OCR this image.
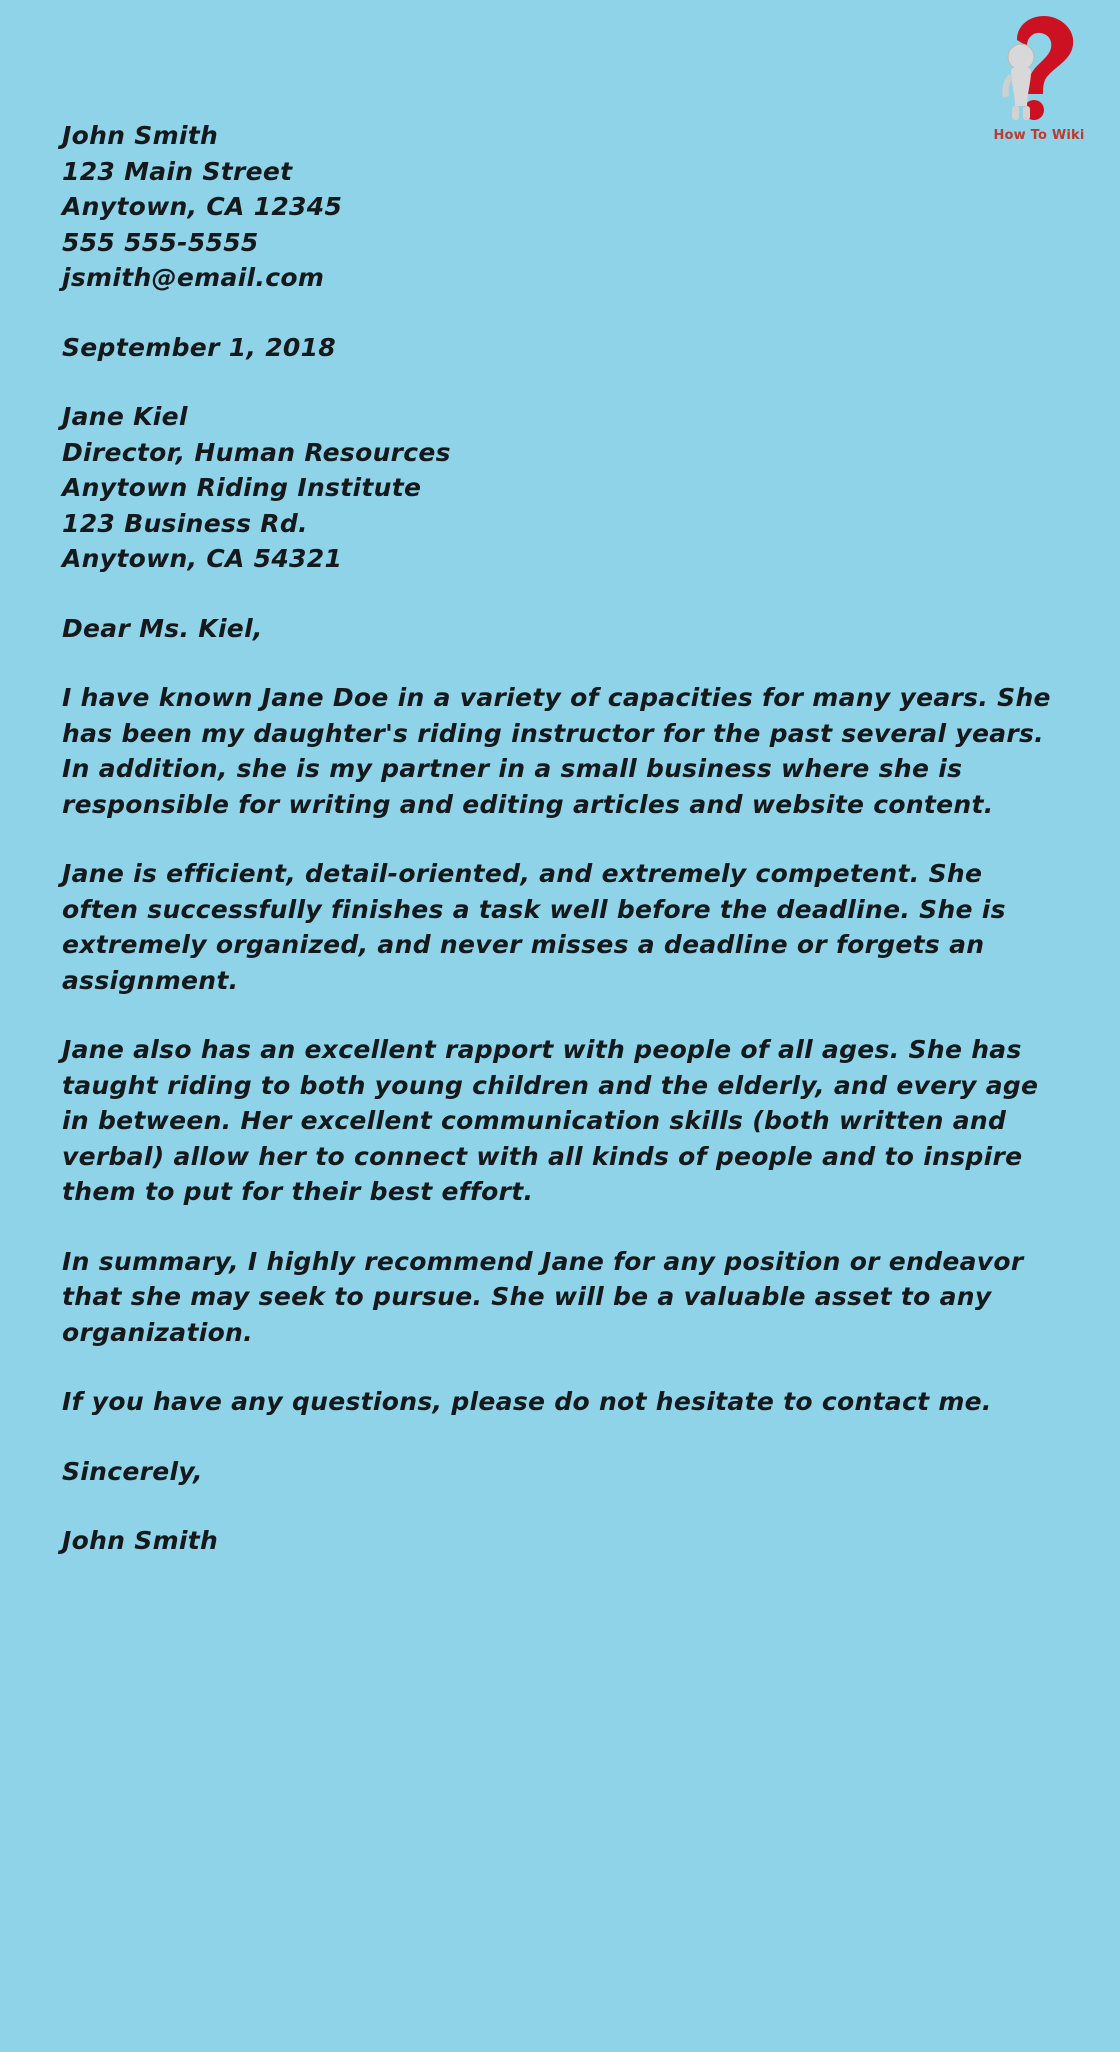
How To Wiki
John Smith
123 Main Street
Anytown, CA 12345
555 555-5555
jsmith@email.com
September 1, 2018
Jane Kiel
Director, Human Resources
Anytown Riding Institute
123 Business Rd.
Anytown, CA 54321
Dear Ms. Kiel,
I have known Jane Doe in a variety of capacities for many years. She has been my daughter's riding instructor for the past several years. In addition, she is my partner in a small business where she is responsible for writing and editing articles and website content.
Jane is efficient, detail-oriented, and extremely competent. She often successfully finishes a task well before the deadline. She is extremely organized, and never misses a deadline or forgets an assignment.
Jane also has an excellent rapport with people of all ages. She has taught riding to both young children and the elderly, and every age in between. Her excellent communication skills (both written and verbal) allow her to connect with all kinds of people and to inspire them to put for their best effort.
In summary, I highly recommend Jane for any position or endeavor that she may seek to pursue. She will be a valuable asset to any organization.
If you have any questions, please do not hesitate to contact me.
Sincerely,
John Smith
